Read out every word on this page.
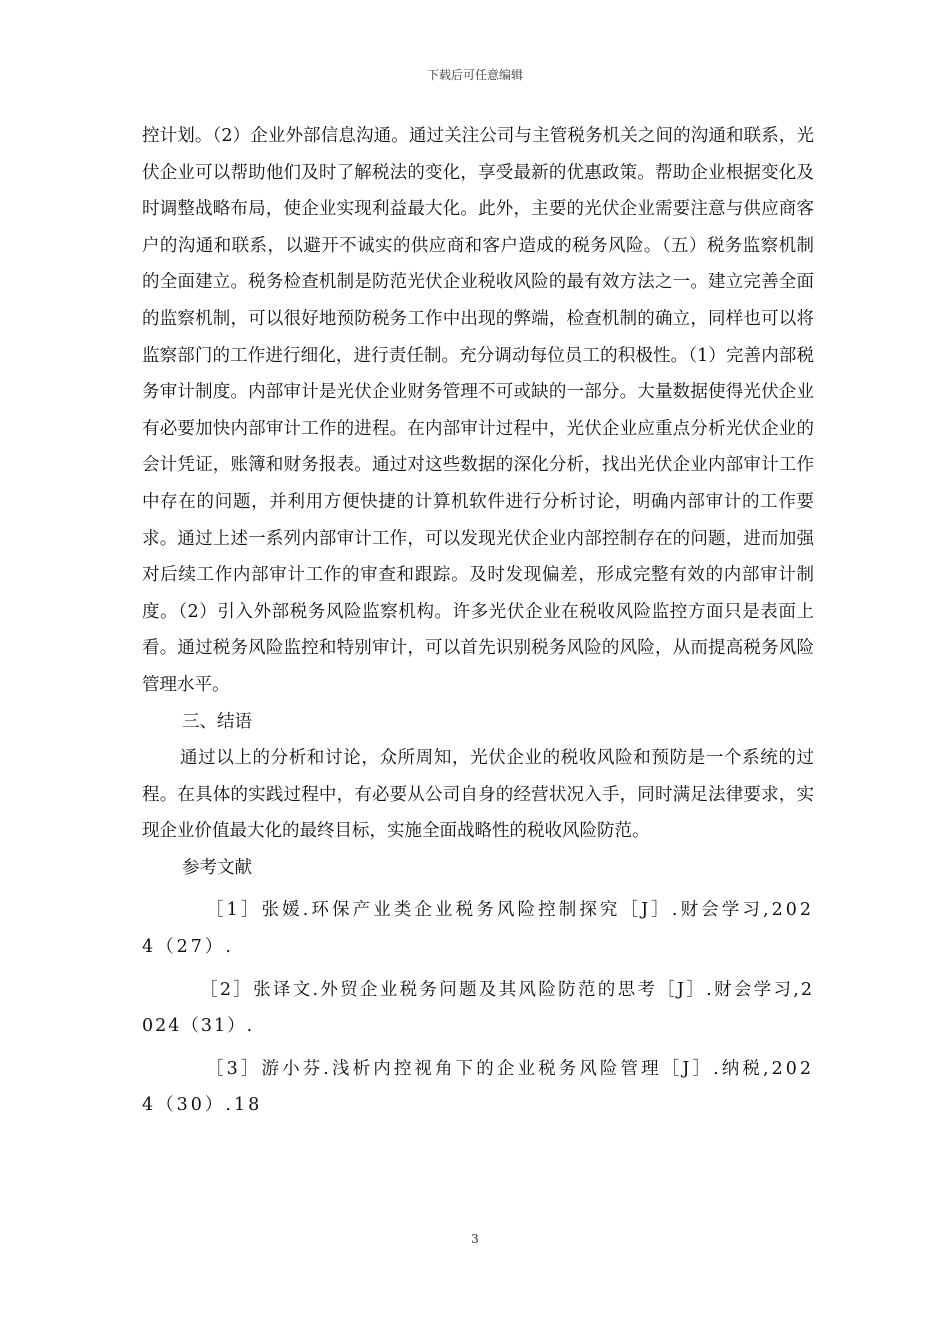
下载后可任意编辑

控计划。（2）企业外部信息沟通。通过关注公司与主管税务机关之间的沟通和联系，光伏企业可以帮助他们及时了解税法的变化，享受最新的优惠政策。帮助企业根据变化及时调整战略布局，使企业实现利益最大化。此外，主要的光伏企业需要注意与供应商客户的沟通和联系，以避开不诚实的供应商和客户造成的税务风险。（五）税务监察机制的全面建立。税务检查机制是防范光伏企业税收风险的最有效方法之一。建立完善全面的监察机制，可以很好地预防税务工作中出现的弊端，检查机制的确立，同样也可以将监察部门的工作进行细化，进行责任制。充分调动每位员工的积极性。（1）完善内部税务审计制度。内部审计是光伏企业财务管理不可或缺的一部分。大量数据使得光伏企业有必要加快内部审计工作的进程。在内部审计过程中，光伏企业应重点分析光伏企业的会计凭证，账簿和财务报表。通过对这些数据的深化分析，找出光伏企业内部审计工作中存在的问题，并利用方便快捷的计算机软件进行分析讨论，明确内部审计的工作要求。通过上述一系列内部审计工作，可以发现光伏企业内部控制存在的问题，进而加强对后续工作内部审计工作的审查和跟踪。及时发现偏差，形成完整有效的内部审计制度。（2）引入外部税务风险监察机构。许多光伏企业在税收风险监控方面只是表面上看。通过税务风险监控和特别审计，可以首先识别税务风险的风险，从而提高税务风险管理水平。

三、结语

通过以上的分析和讨论，众所周知，光伏企业的税收风险和预防是一个系统的过程。在具体的实践过程中，有必要从公司自身的经营状况入手，同时满足法律要求，实现企业价值最大化的最终目标，实施全面战略性的税收风险防范。

参考文献

［1］张媛.环保产业类企业税务风险控制探究［J］.财会学习,2024（27）.

［2］张译文.外贸企业税务问题及其风险防范的思考［J］.财会学习,2024（31）.

［3］游小芬.浅析内控视角下的企业税务风险管理［J］.纳税,2024（30）.18

3
